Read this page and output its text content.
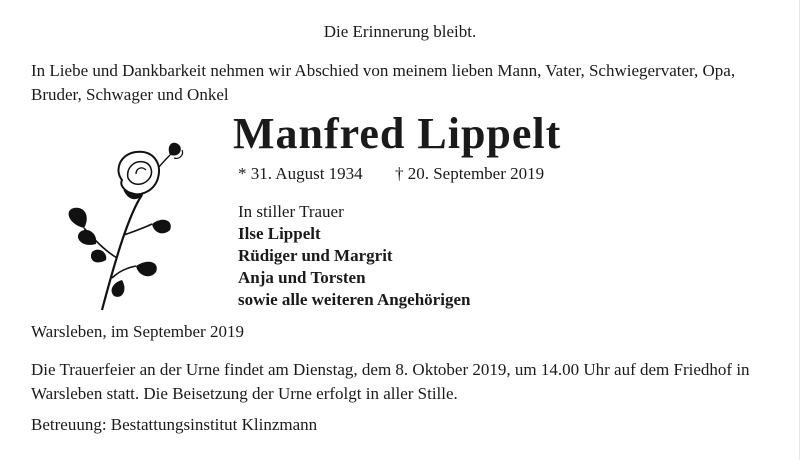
Die Erinnerung bleibt.

In Liebe und Dankbarkeit nehmen wir Abschied von meinem lieben Mann, Vater, Schwiegervater, Opa, Bruder, Schwager und Onkel

Manfred Lippelt
* 31. August 1934 † 20. September 2019
In stiller Trauer
Ilse Lippelt
Rüdiger und Margrit
Anja und Torsten
sowie alle weiteren Angehörigen
Warsleben, im September 2019

Die Trauerfeier an der Urne findet am Dienstag, dem 8. Oktober 2019, um 14.00 Uhr auf dem Friedhof in Warsleben statt. Die Beisetzung der Urne erfolgt in aller Stille.

Betreuung: Bestattungsinstitut Klinzmann
